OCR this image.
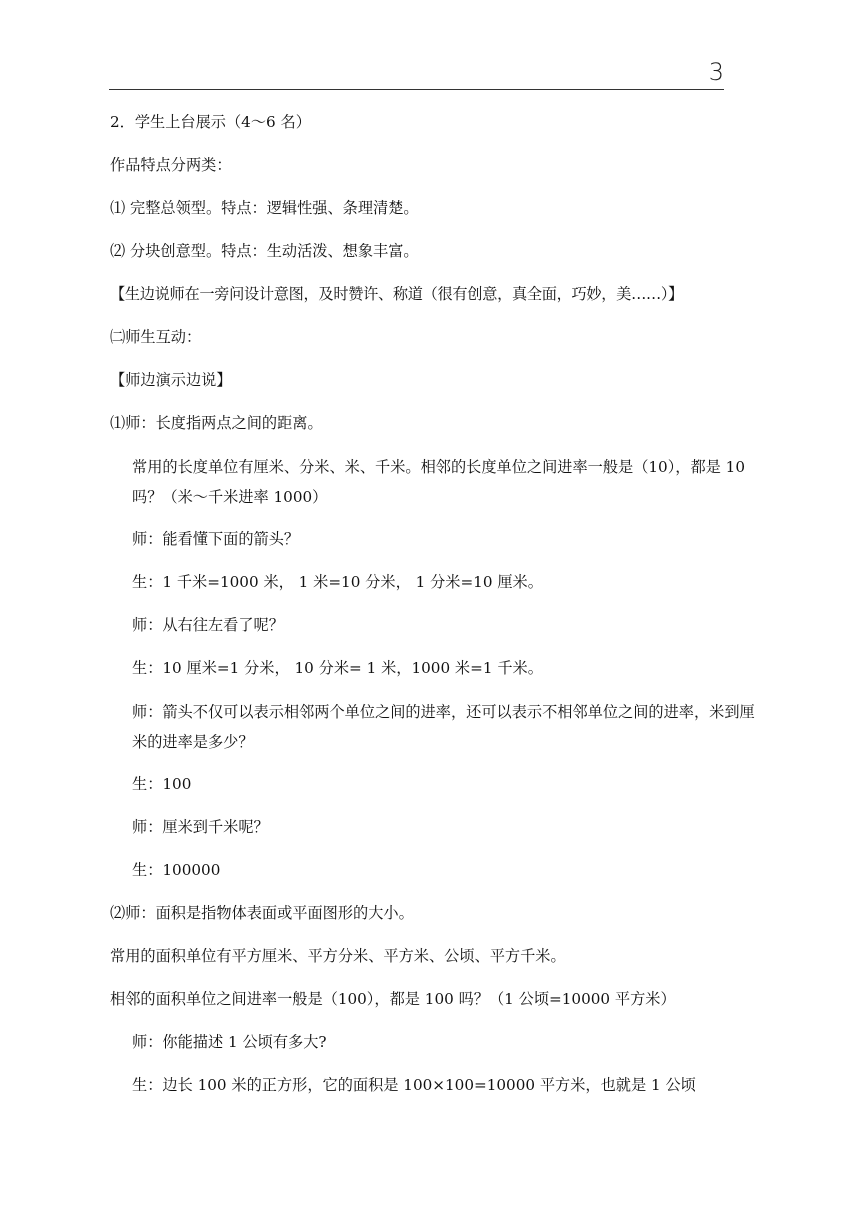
3

2．学生上台展示（4～6 名）

作品特点分两类：

⑴ 完整总领型。特点：逻辑性强、条理清楚。

⑵ 分块创意型。特点：生动活泼、想象丰富。

【生边说师在一旁问设计意图，及时赞许、称道（很有创意，真全面，巧妙，美……）】

㈡师生互动：

【师边演示边说】

⑴师：长度指两点之间的距离。

常用的长度单位有厘米、分米、米、千米。相邻的长度单位之间进率一般是（10），都是 10 吗？（米～千米进率 1000）

师：能看懂下面的箭头？

生：1 千米=1000 米， 1 米=10 分米， 1 分米=10 厘米。

师：从右往左看了呢？

生：10 厘米=1 分米， 10 分米= 1 米，1000 米=1 千米。

师：箭头不仅可以表示相邻两个单位之间的进率，还可以表示不相邻单位之间的进率，米到厘米的进率是多少？

生：100

师：厘米到千米呢？

生：100000

⑵师：面积是指物体表面或平面图形的大小。

常用的面积单位有平方厘米、平方分米、平方米、公顷、平方千米。

相邻的面积单位之间进率一般是（100），都是 100 吗？（1 公顷=10000 平方米）

师：你能描述 1 公顷有多大?

生：边长 100 米的正方形，它的面积是 100×100=10000 平方米，也就是 1 公顷
